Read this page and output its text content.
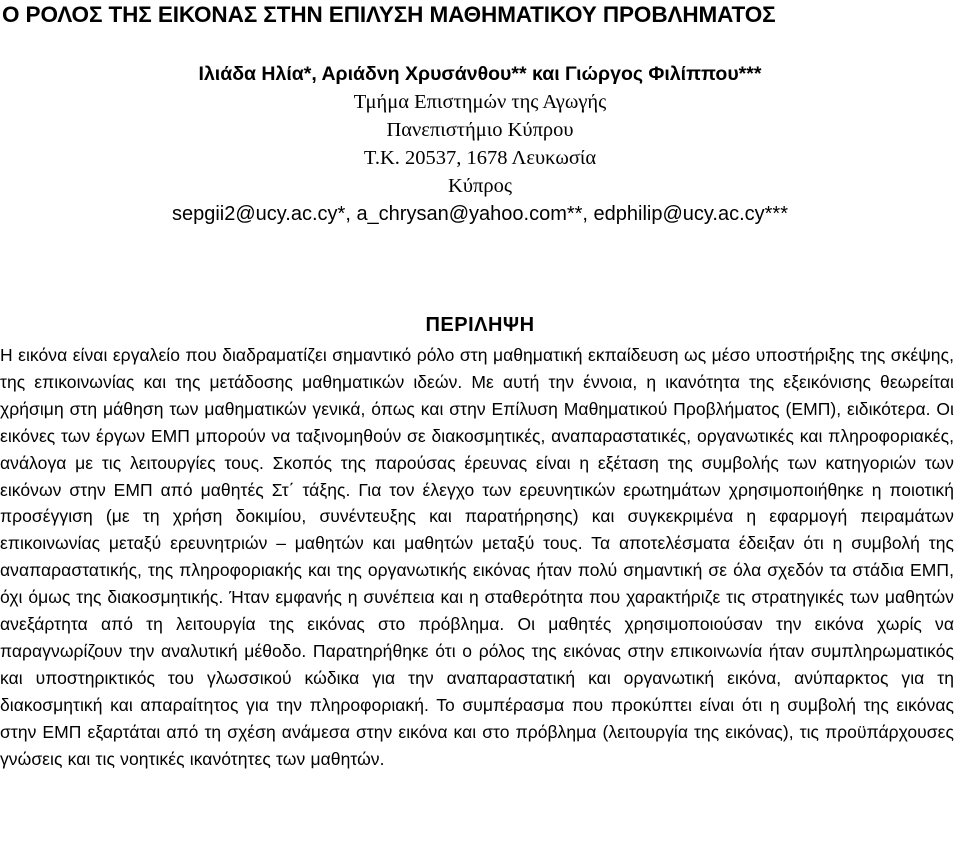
Ο ΡΟΛΟΣ ΤΗΣ ΕΙΚΟΝΑΣ ΣΤΗΝ ΕΠΙΛΥΣΗ ΜΑΘΗΜΑΤΙΚΟΥ ΠΡΟΒΛΗΜΑΤΟΣ
Ιλιάδα Ηλία*, Αριάδνη Χρυσάνθου** και Γιώργος Φιλίππου***
Τμήμα Επιστημών της Αγωγής
Πανεπιστήμιο Κύπρου
Τ.Κ. 20537, 1678 Λευκωσία
Κύπρος
sepgii2@ucy.ac.cy*, a_chrysan@yahoo.com**, edphilip@ucy.ac.cy***
ΠΕΡΙΛΗΨΗ
Η εικόνα είναι εργαλείο που διαδραματίζει σημαντικό ρόλο στη μαθηματική εκπαίδευση ως μέσο υποστήριξης της σκέψης, της επικοινωνίας και της μετάδοσης μαθηματικών ιδεών. Με αυτή την έννοια, η ικανότητα της εξεικόνισης θεωρείται χρήσιμη στη μάθηση των μαθηματικών γενικά, όπως και στην Επίλυση Μαθηματικού Προβλήματος (ΕΜΠ), ειδικότερα. Οι εικόνες των έργων ΕΜΠ μπορούν να ταξινομηθούν σε διακοσμητικές, αναπαραστατικές, οργανωτικές και πληροφοριακές, ανάλογα με τις λειτουργίες τους. Σκοπός της παρούσας έρευνας είναι η εξέταση της συμβολής των κατηγοριών των εικόνων στην ΕΜΠ από μαθητές Στ΄ τάξης. Για τον έλεγχο των ερευνητικών ερωτημάτων χρησιμοποιήθηκε η ποιοτική προσέγγιση (με τη χρήση δοκιμίου, συνέντευξης και παρατήρησης) και συγκεκριμένα η εφαρμογή πειραμάτων επικοινωνίας μεταξύ ερευνητριών – μαθητών και μαθητών μεταξύ τους. Τα αποτελέσματα έδειξαν ότι η συμβολή της αναπαραστατικής, της πληροφοριακής και της οργανωτικής εικόνας ήταν πολύ σημαντική σε όλα σχεδόν τα στάδια ΕΜΠ, όχι όμως της διακοσμητικής. Ήταν εμφανής η συνέπεια και η σταθερότητα που χαρακτήριζε τις στρατηγικές των μαθητών ανεξάρτητα από τη λειτουργία της εικόνας στο πρόβλημα. Οι μαθητές χρησιμοποιούσαν την εικόνα χωρίς να παραγνωρίζουν την αναλυτική μέθοδο. Παρατηρήθηκε ότι ο ρόλος της εικόνας στην επικοινωνία ήταν συμπληρωματικός και υποστηρικτικός του γλωσσικού κώδικα για την αναπαραστατική και οργανωτική εικόνα, ανύπαρκτος για τη διακοσμητική και απαραίτητος για την πληροφοριακή. Το συμπέρασμα που προκύπτει είναι ότι η συμβολή της εικόνας στην ΕΜΠ εξαρτάται από τη σχέση ανάμεσα στην εικόνα και στο πρόβλημα (λειτουργία της εικόνας), τις προϋπάρχουσες γνώσεις και τις νοητικές ικανότητες των μαθητών.
